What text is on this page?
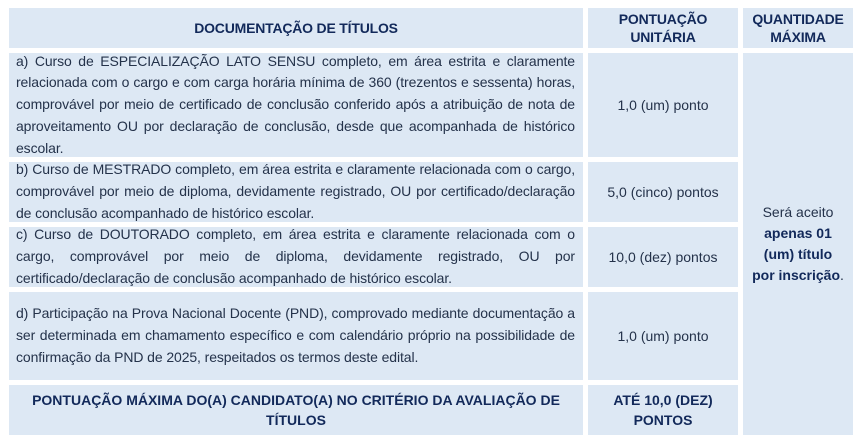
DOCUMENTAÇÃO DE TÍTULOS
PONTUAÇÃO UNITÁRIA
QUANTIDADE MÁXIMA
a) Curso de ESPECIALIZAÇÃO LATO SENSU completo, em área estrita e claramente relacionada com o cargo e com carga horária mínima de 360 (trezentos e sessenta) horas, comprovável por meio de certificado de conclusão conferido após a atribuição de nota de aproveitamento OU por declaração de conclusão, desde que acompanhada de histórico escolar.
1,0 (um) ponto
Será aceito
apenas 01 (um) título por inscrição.
b) Curso de MESTRADO completo, em área estrita e claramente relacionada com o cargo, comprovável por meio de diploma, devidamente registrado, OU por certificado/declaração de conclusão acompanhado de histórico escolar.
5,0 (cinco) pontos
c) Curso de DOUTORADO completo, em área estrita e claramente relacionada com o cargo, comprovável por meio de diploma, devidamente registrado, OU por certificado/declaração de conclusão acompanhado de histórico escolar.
10,0 (dez) pontos
d) Participação na Prova Nacional Docente (PND), comprovado mediante documentação a ser determinada em chamamento específico e com calendário próprio na possibilidade de confirmação da PND de 2025, respeitados os termos deste edital.
1,0 (um) ponto
PONTUAÇÃO MÁXIMA DO(A) CANDIDATO(A) NO CRITÉRIO DA AVALIAÇÃO DE TÍTULOS
ATÉ 10,0 (DEZ) PONTOS
